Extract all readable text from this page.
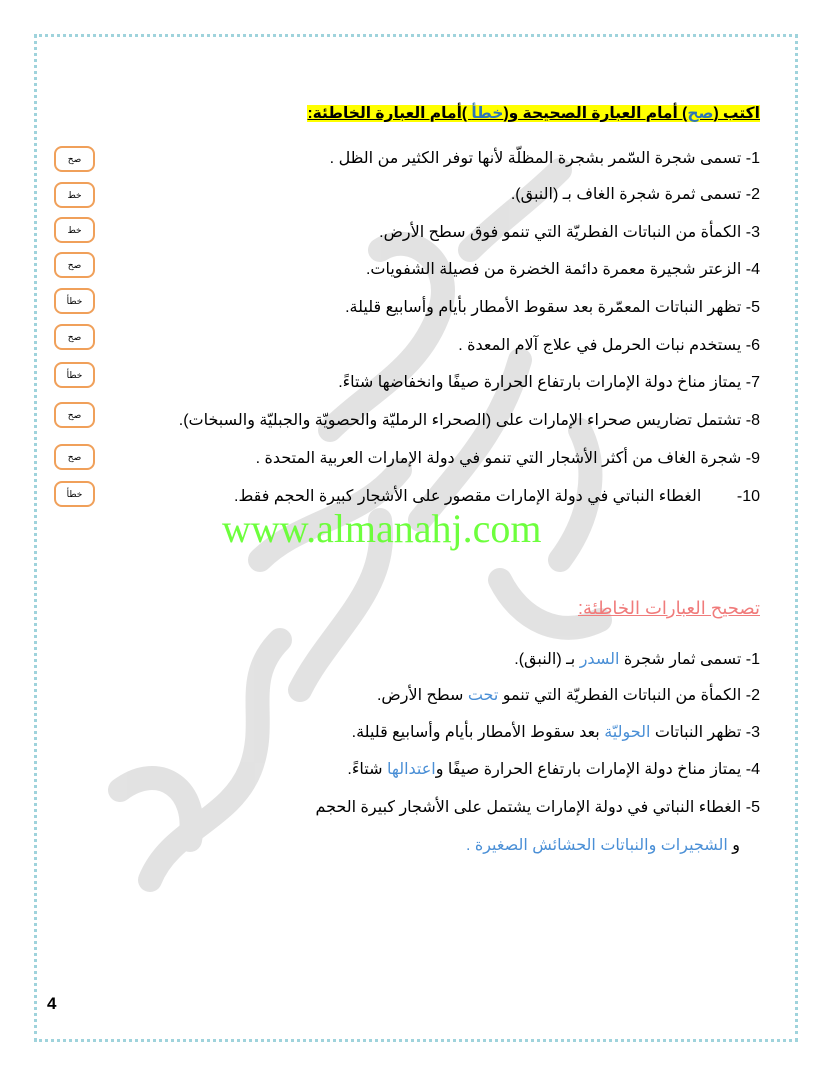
اكتب (صح) أمام العبارة الصحيحة و(خطأ )أمام العبارة الخاطئة:
1- تسمى شجرة السّمر بشجرة المظلّة لأنها توفر الكثير من الظل .
2- تسمى ثمرة شجرة الغاف بـ (النبق).
3- الكمأة من النباتات الفطريّة التي تنمو فوق سطح الأرض.
4- الزعتر شجيرة معمرة دائمة الخضرة من فصيلة الشفويات.
5- تظهر النباتات المعمّرة بعد سقوط الأمطار بأيام وأسابيع قليلة.
6- يستخدم نبات الحرمل في علاج آلام المعدة .
7- يمتاز مناخ دولة الإمارات بارتفاع الحرارة صيفًا وانخفاضها شتاءً.
8- تشتمل تضاريس صحراء الإمارات على (الصحراء الرمليّة والحصويّة والجبليّة والسبخات).
9- شجرة الغاف من أكثر الأشجار التي تنمو في دولة الإمارات العربية المتحدة .
10-        الغطاء النباتي في دولة الإمارات مقصور على الأشجار كبيرة الحجم فقط.
صح
خط
خط
صح
خطأ
صح
خطأ
صح
صح
خطأ
www.almanahj.com
تصحيح العبارات الخاطئة:
1- تسمى ثمار شجرة السدر بـ (النبق).
2- الكمأة من النباتات الفطريّة التي تنمو تحت سطح الأرض.
3- تظهر النباتات الحوليّة بعد سقوط الأمطار بأيام وأسابيع قليلة.
4- يمتاز مناخ دولة الإمارات بارتفاع الحرارة صيفًا واعتدالها شتاءً.
5- الغطاء النباتي في دولة الإمارات يشتمل على الأشجار كبيرة الحجم
و الشجيرات والنباتات الحشائش الصغيرة .
4
